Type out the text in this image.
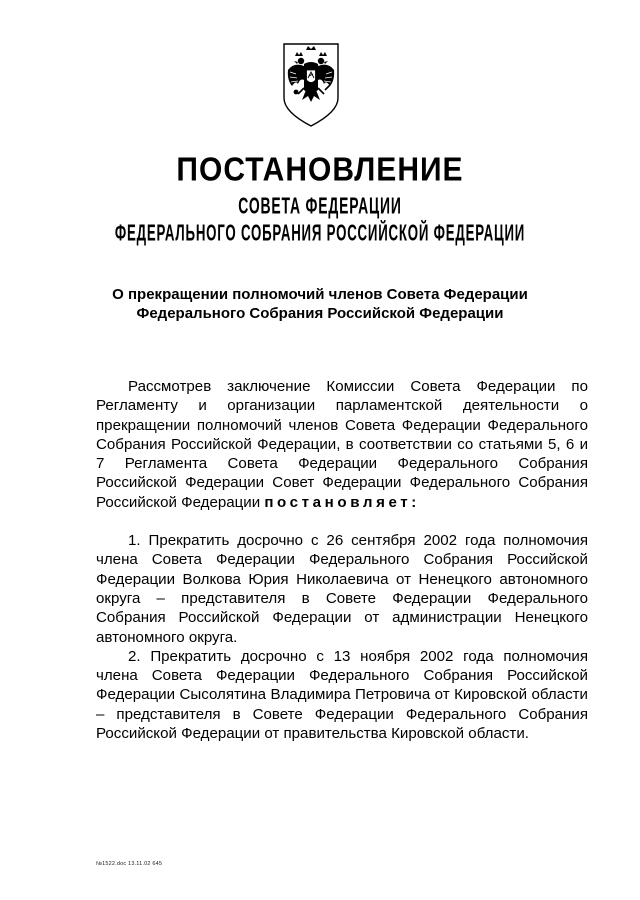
ПОСТАНОВЛЕНИЕ
СОВЕТА ФЕДЕРАЦИИ
ФЕДЕРАЛЬНОГО СОБРАНИЯ РОССИЙСКОЙ ФЕДЕРАЦИИ
О прекращении полномочий членов Совета Федерации
Федерального Собрания Российской Федерации

Рассмотрев заключение Комиссии Совета Федерации по Регламенту и организации парламентской деятельности о прекращении полномочий членов Совета Федерации Федерального Собрания Российской Федерации, в соответствии со статьями 5, 6 и 7 Регламента Совета Федерации Федерального Собрания Российской Федерации Совет Федерации Федерального Собрания Российской Федерации постановляет:

1. Прекратить досрочно с 26 сентября 2002 года полномочия члена Совета Федерации Федерального Собрания Российской Федерации Волкова Юрия Николаевича от Ненецкого автономного округа – представителя в Совете Федерации Федерального Собрания Российской Федерации от администрации Ненецкого автономного округа.

2. Прекратить досрочно с 13 ноября 2002 года полномочия члена Совета Федерации Федерального Собрания Российской Федерации Сысолятина Владимира Петровича от Кировской области – представителя в Совете Федерации Федерального Собрания Российской Федерации от правительства Кировской области.

№1522.doc 13.11.02 645
